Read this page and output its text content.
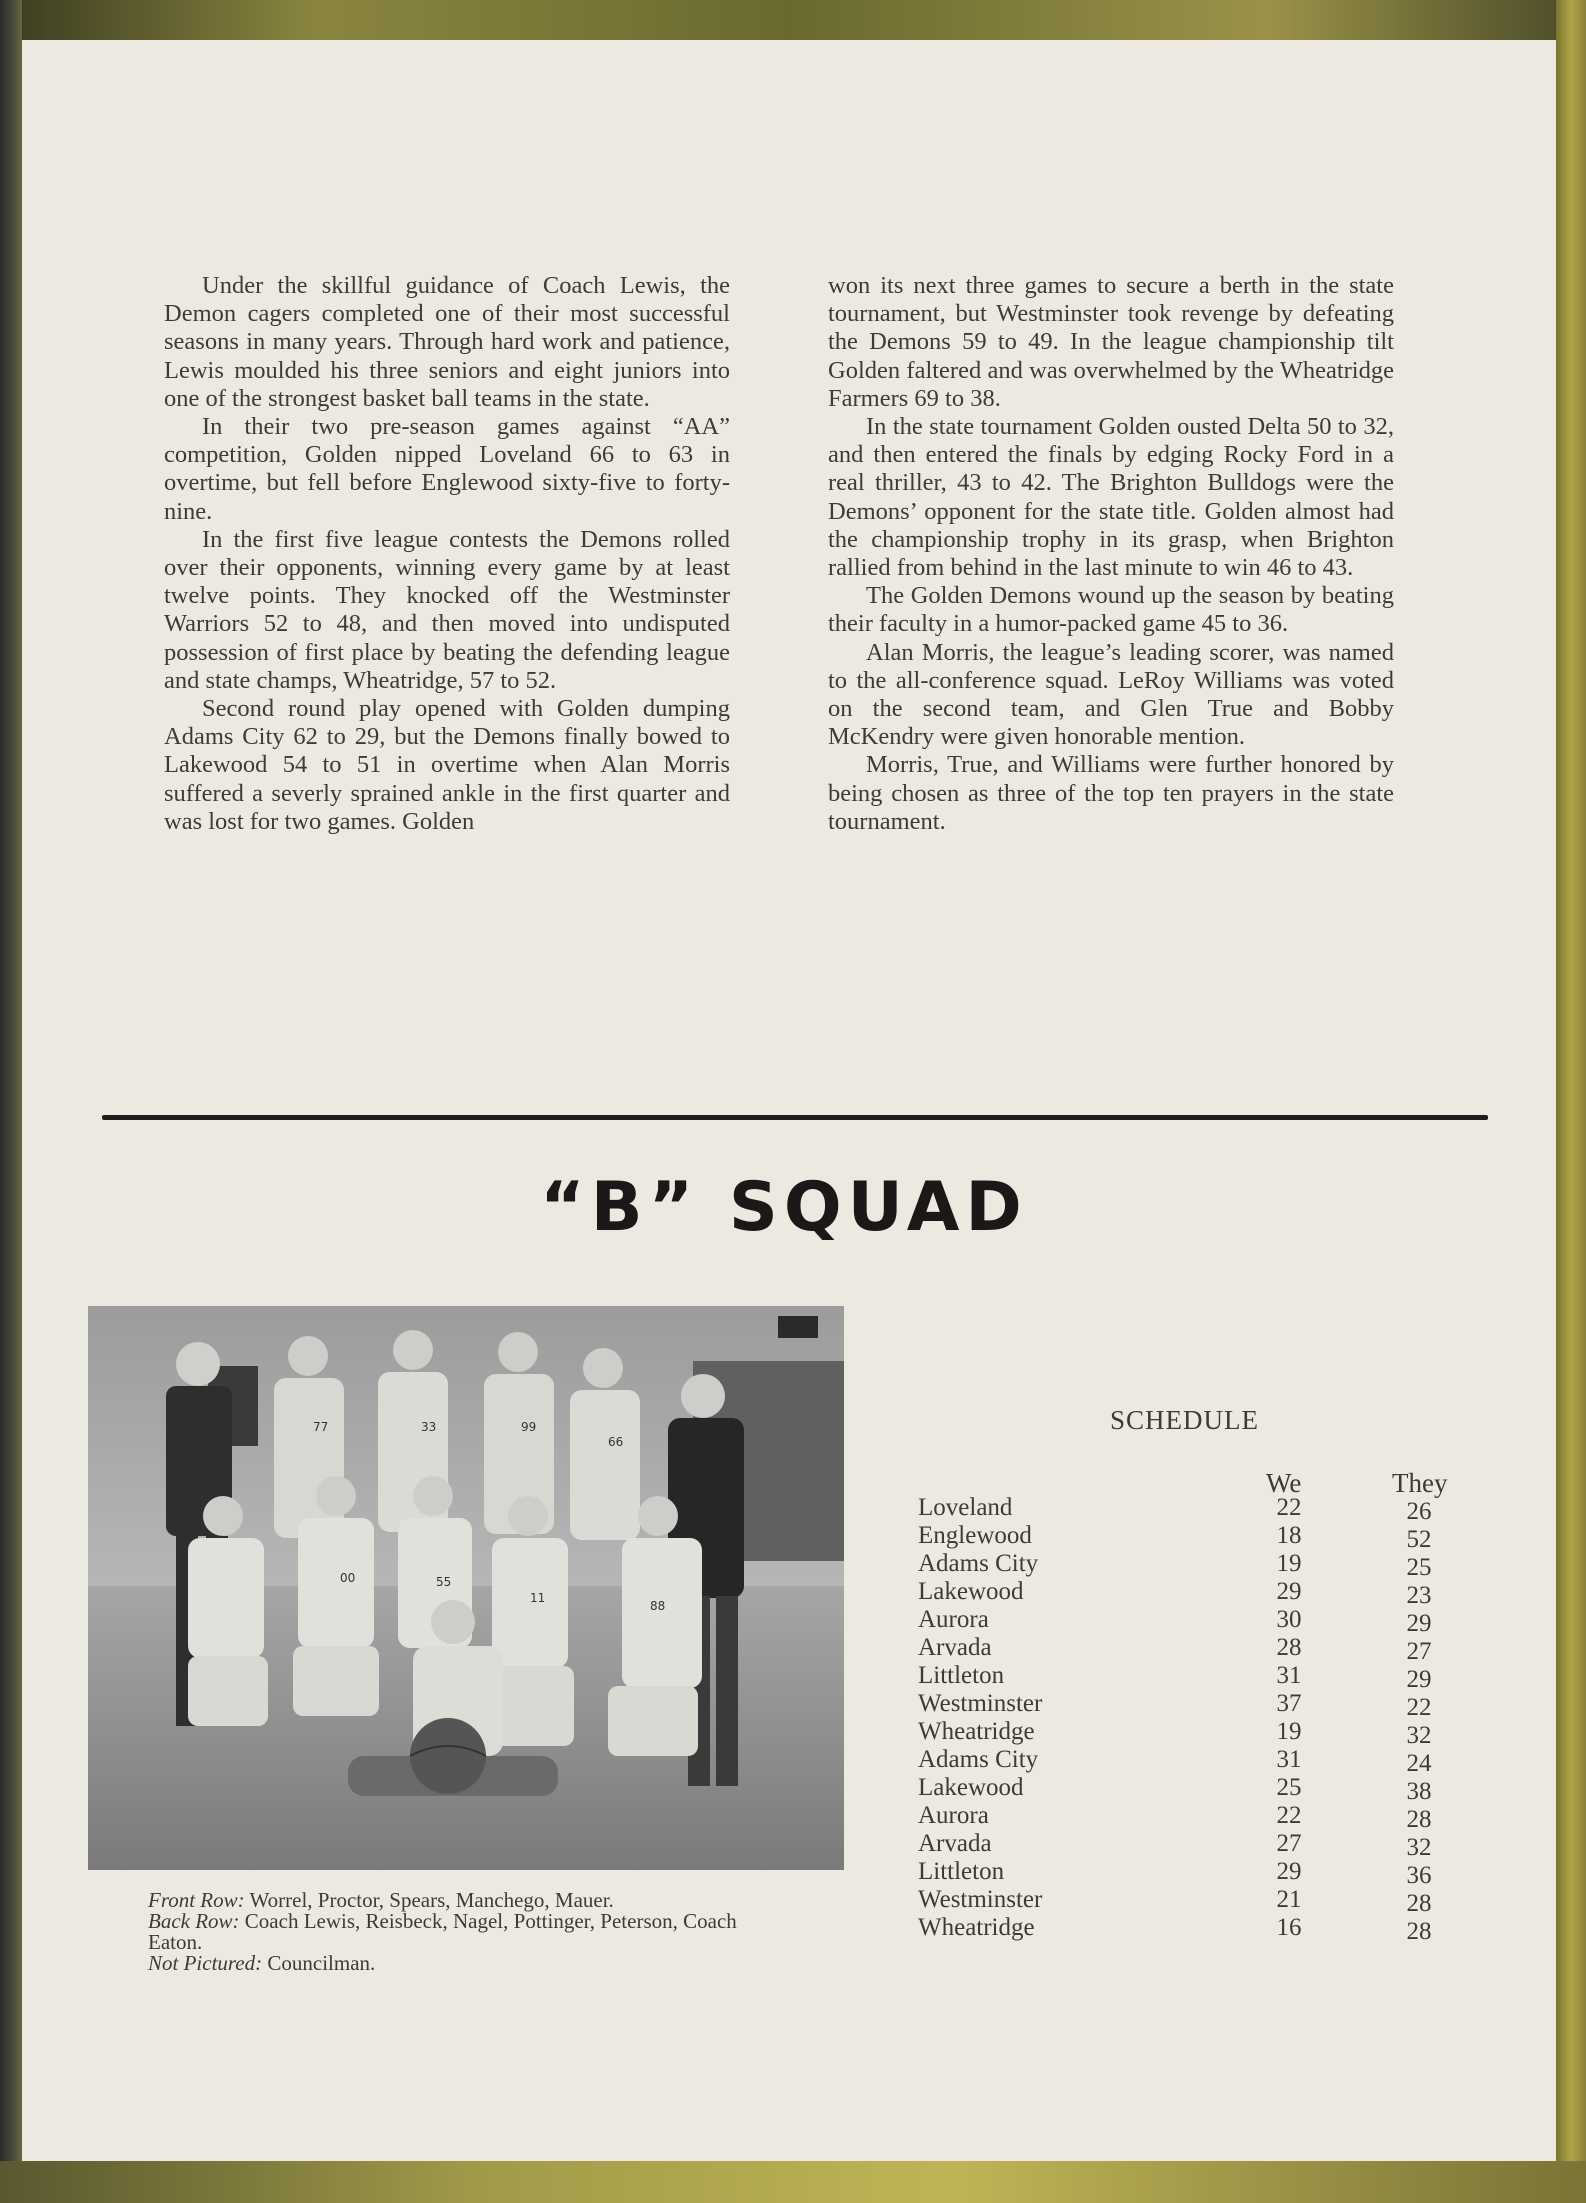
Under the skillful guidance of Coach Lewis, the Demon cagers completed one of their most successful seasons in many years. Through hard work and patience, Lewis moulded his three seniors and eight juniors into one of the strongest basket ball teams in the state.

In their two pre-season games against “AA” competition, Golden nipped Loveland 66 to 63 in overtime, but fell before Englewood sixty-five to forty-nine.

In the first five league contests the Demons rolled over their opponents, winning every game by at least twelve points. They knocked off the Westminster Warriors 52 to 48, and then moved into undisputed possession of first place by beating the defending league and state champs, Wheatridge, 57 to 52.

Second round play opened with Golden dumping Adams City 62 to 29, but the Demons finally bowed to Lakewood 54 to 51 in overtime when Alan Morris suffered a severly sprained ankle in the first quarter and was lost for two games. Golden

won its next three games to secure a berth in the state tournament, but Westminster took revenge by defeating the Demons 59 to 49. In the league championship tilt Golden faltered and was overwhelmed by the Wheatridge Farmers 69 to 38.

In the state tournament Golden ousted Delta 50 to 32, and then entered the finals by edging Rocky Ford in a real thriller, 43 to 42. The Brighton Bulldogs were the Demons’ opponent for the state title. Golden almost had the championship trophy in its grasp, when Brighton rallied from behind in the last minute to win 46 to 43.

The Golden Demons wound up the season by beating their faculty in a humor-packed game 45 to 36.

Alan Morris, the league’s leading scorer, was named to the all-conference squad. LeRoy Williams was voted on the second team, and Glen True and Bobby McKendry were given honorable mention.

Morris, True, and Williams were further honored by being chosen as three of the top ten prayers in the state tournament.

“B” SQUAD
77	33	99
66
00	55
11
88
Front Row: Worrel, Proctor, Spears, Manchego, Mauer.
Back Row: Coach Lewis, Reisbeck, Nagel, Pottinger, Peterson, Coach Eaton.
Not Pictured: Councilman.
SCHEDULE
We	They
Loveland	22	26
Englewood	18	52
Adams City	19	25
Lakewood	29	23
Aurora	30	29
Arvada	28	27
Littleton	31	29
Westminster	37	22
Wheatridge	19	32
Adams City	31	24
Lakewood	25	38
Aurora	22	28
Arvada	27	32
Littleton	29	36
Westminster	21	28
Wheatridge	16	28
